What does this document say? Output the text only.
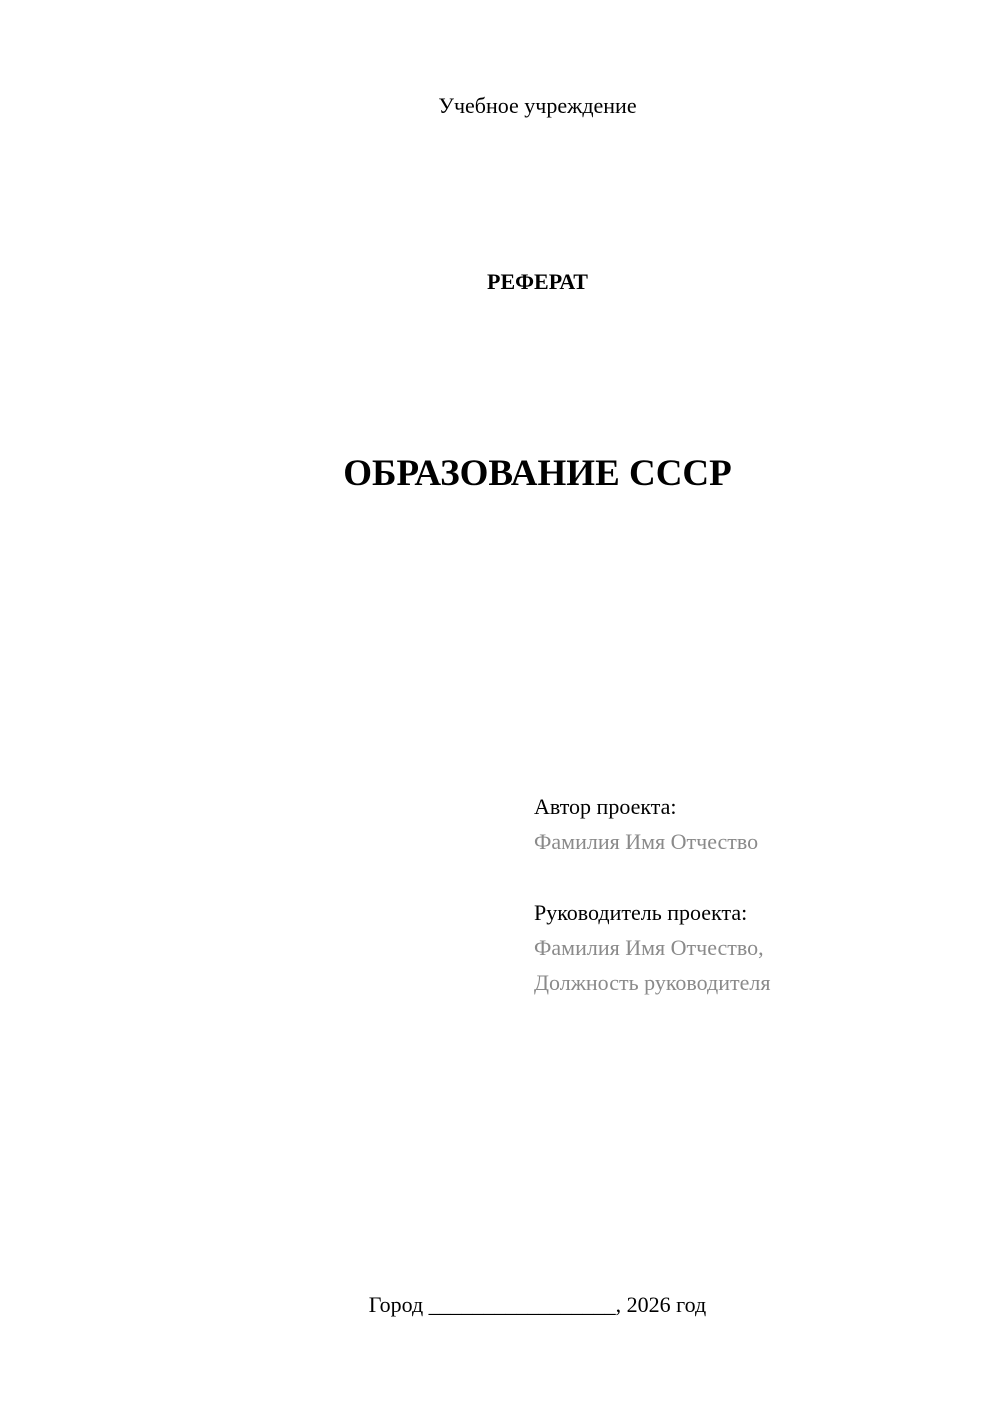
Учебное учреждение
РЕФЕРАТ
ОБРАЗОВАНИЕ СССР
Автор проекта:
Фамилия Имя Отчество
Руководитель проекта:
Фамилия Имя Отчество,
Должность руководителя
Город _________________, 2026 год
